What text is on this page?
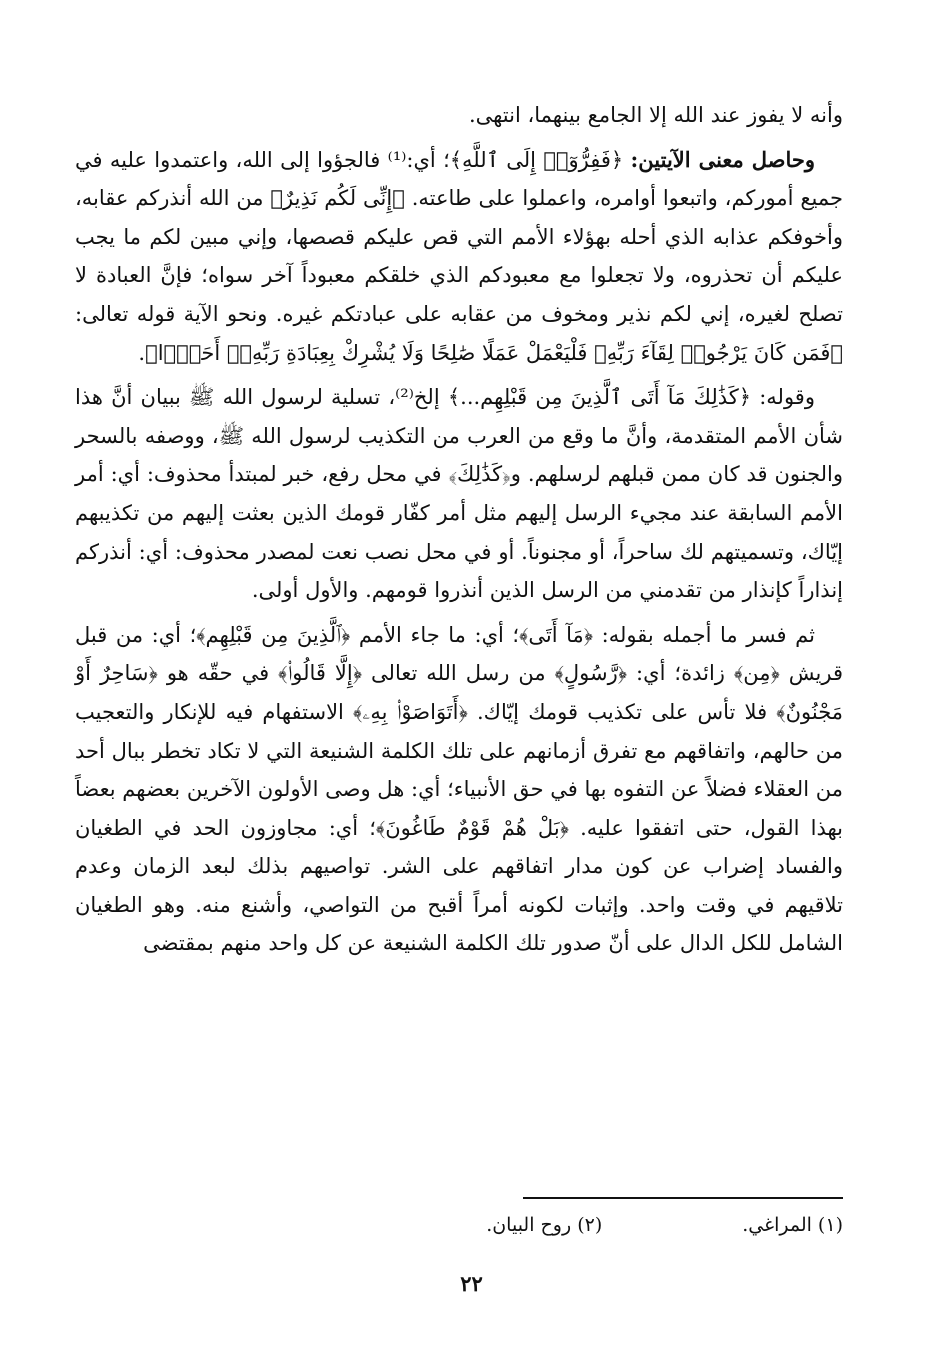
وأنه لا يفوز عند الله إلا الجامع بينهما، انتهى.

وحاصل معنى الآيتين: ﴿فَفِرُّوٓا۟ إِلَى ٱللَّهِ﴾؛ أي:⁽¹⁾ فالجؤوا إلى الله، واعتمدوا عليه في جميع أموركم، واتبعوا أوامره، واعملوا على طاعته. ﴿إِنِّى لَكُم نَذِيرٌ﴾ من الله أنذركم عقابه، وأخوفكم عذابه الذي أحله بهؤلاء الأمم التي قص عليكم قصصها، وإني مبين لكم ما يجب عليكم أن تحذروه، ولا تجعلوا مع معبودكم الذي خلقكم معبوداً آخر سواه؛ فإنَّ العبادة لا تصلح لغيره، إني لكم نذير ومخوف من عقابه على عبادتكم غيره. ونحو الآية قوله تعالى: ﴿فَمَن كَانَ يَرْجُوا۟ لِقَآءَ رَبِّهِۦ فَلْيَعْمَلْ عَمَلًا صَٰلِحًا وَلَا يُشْرِكْ بِعِبَادَةِ رَبِّهِۦٓ أَحَدًۢا﴾.

وقوله: ﴿كَذَٰلِكَ مَآ أَتَى ٱلَّذِينَ مِن قَبْلِهِم...﴾ إلخ⁽²⁾، تسلية لرسول الله ﷺ ببيان أنَّ هذا شأن الأمم المتقدمة، وأنَّ ما وقع من العرب من التكذيب لرسول الله ﷺ، ووصفه بالسحر والجنون قد كان ممن قبلهم لرسلهم. و﴿كَذَٰلِكَ﴾ في محل رفع، خبر لمبتدأ محذوف: أي: أمر الأمم السابقة عند مجيء الرسل إليهم مثل أمر كفّار قومك الذين بعثت إليهم من تكذيبهم إيّاك، وتسميتهم لك ساحراً، أو مجنوناً. أو في محل نصب نعت لمصدر محذوف: أي: أنذركم إنذاراً كإنذار من تقدمني من الرسل الذين أنذروا قومهم. والأول أولى.

ثم فسر ما أجمله بقوله: ﴿مَآ أَتَى﴾؛ أي: ما جاء الأمم ﴿ٱلَّذِينَ مِن قَبْلِهِم﴾؛ أي: من قبل قريش ﴿مِن﴾ زائدة؛ أي: ﴿رَّسُولٍ﴾ من رسل الله تعالى ﴿إِلَّا قَالُوا۟﴾ في حقّه هو ﴿سَاحِرٌ أَوْ مَجْنُونٌ﴾ فلا تأس على تكذيب قومك إيّاك. ﴿أَتَوَاصَوْا۟ بِهِۦ﴾ الاستفهام فيه للإنكار والتعجيب من حالهم، واتفاقهم مع تفرق أزمانهم على تلك الكلمة الشنيعة التي لا تكاد تخطر ببال أحد من العقلاء فضلاً عن التفوه بها في حق الأنبياء؛ أي: هل وصى الأولون الآخرين بعضهم بعضاً بهذا القول، حتى اتفقوا عليه. ﴿بَلْ هُمْ قَوْمٌ طَاغُونَ﴾؛ أي: مجاوزون الحد في الطغيان والفساد إضراب عن كون مدار اتفاقهم على الشر. تواصيهم بذلك لبعد الزمان وعدم تلاقيهم في وقت واحد. وإثبات لكونه أمراً أقبح من التواصي، وأشنع منه. وهو الطغيان الشامل للكل الدال على أنّ صدور تلك الكلمة الشنيعة عن كل واحد منهم بمقتضى

(١) المراغي.(٢) روح البيان.
٢٢
